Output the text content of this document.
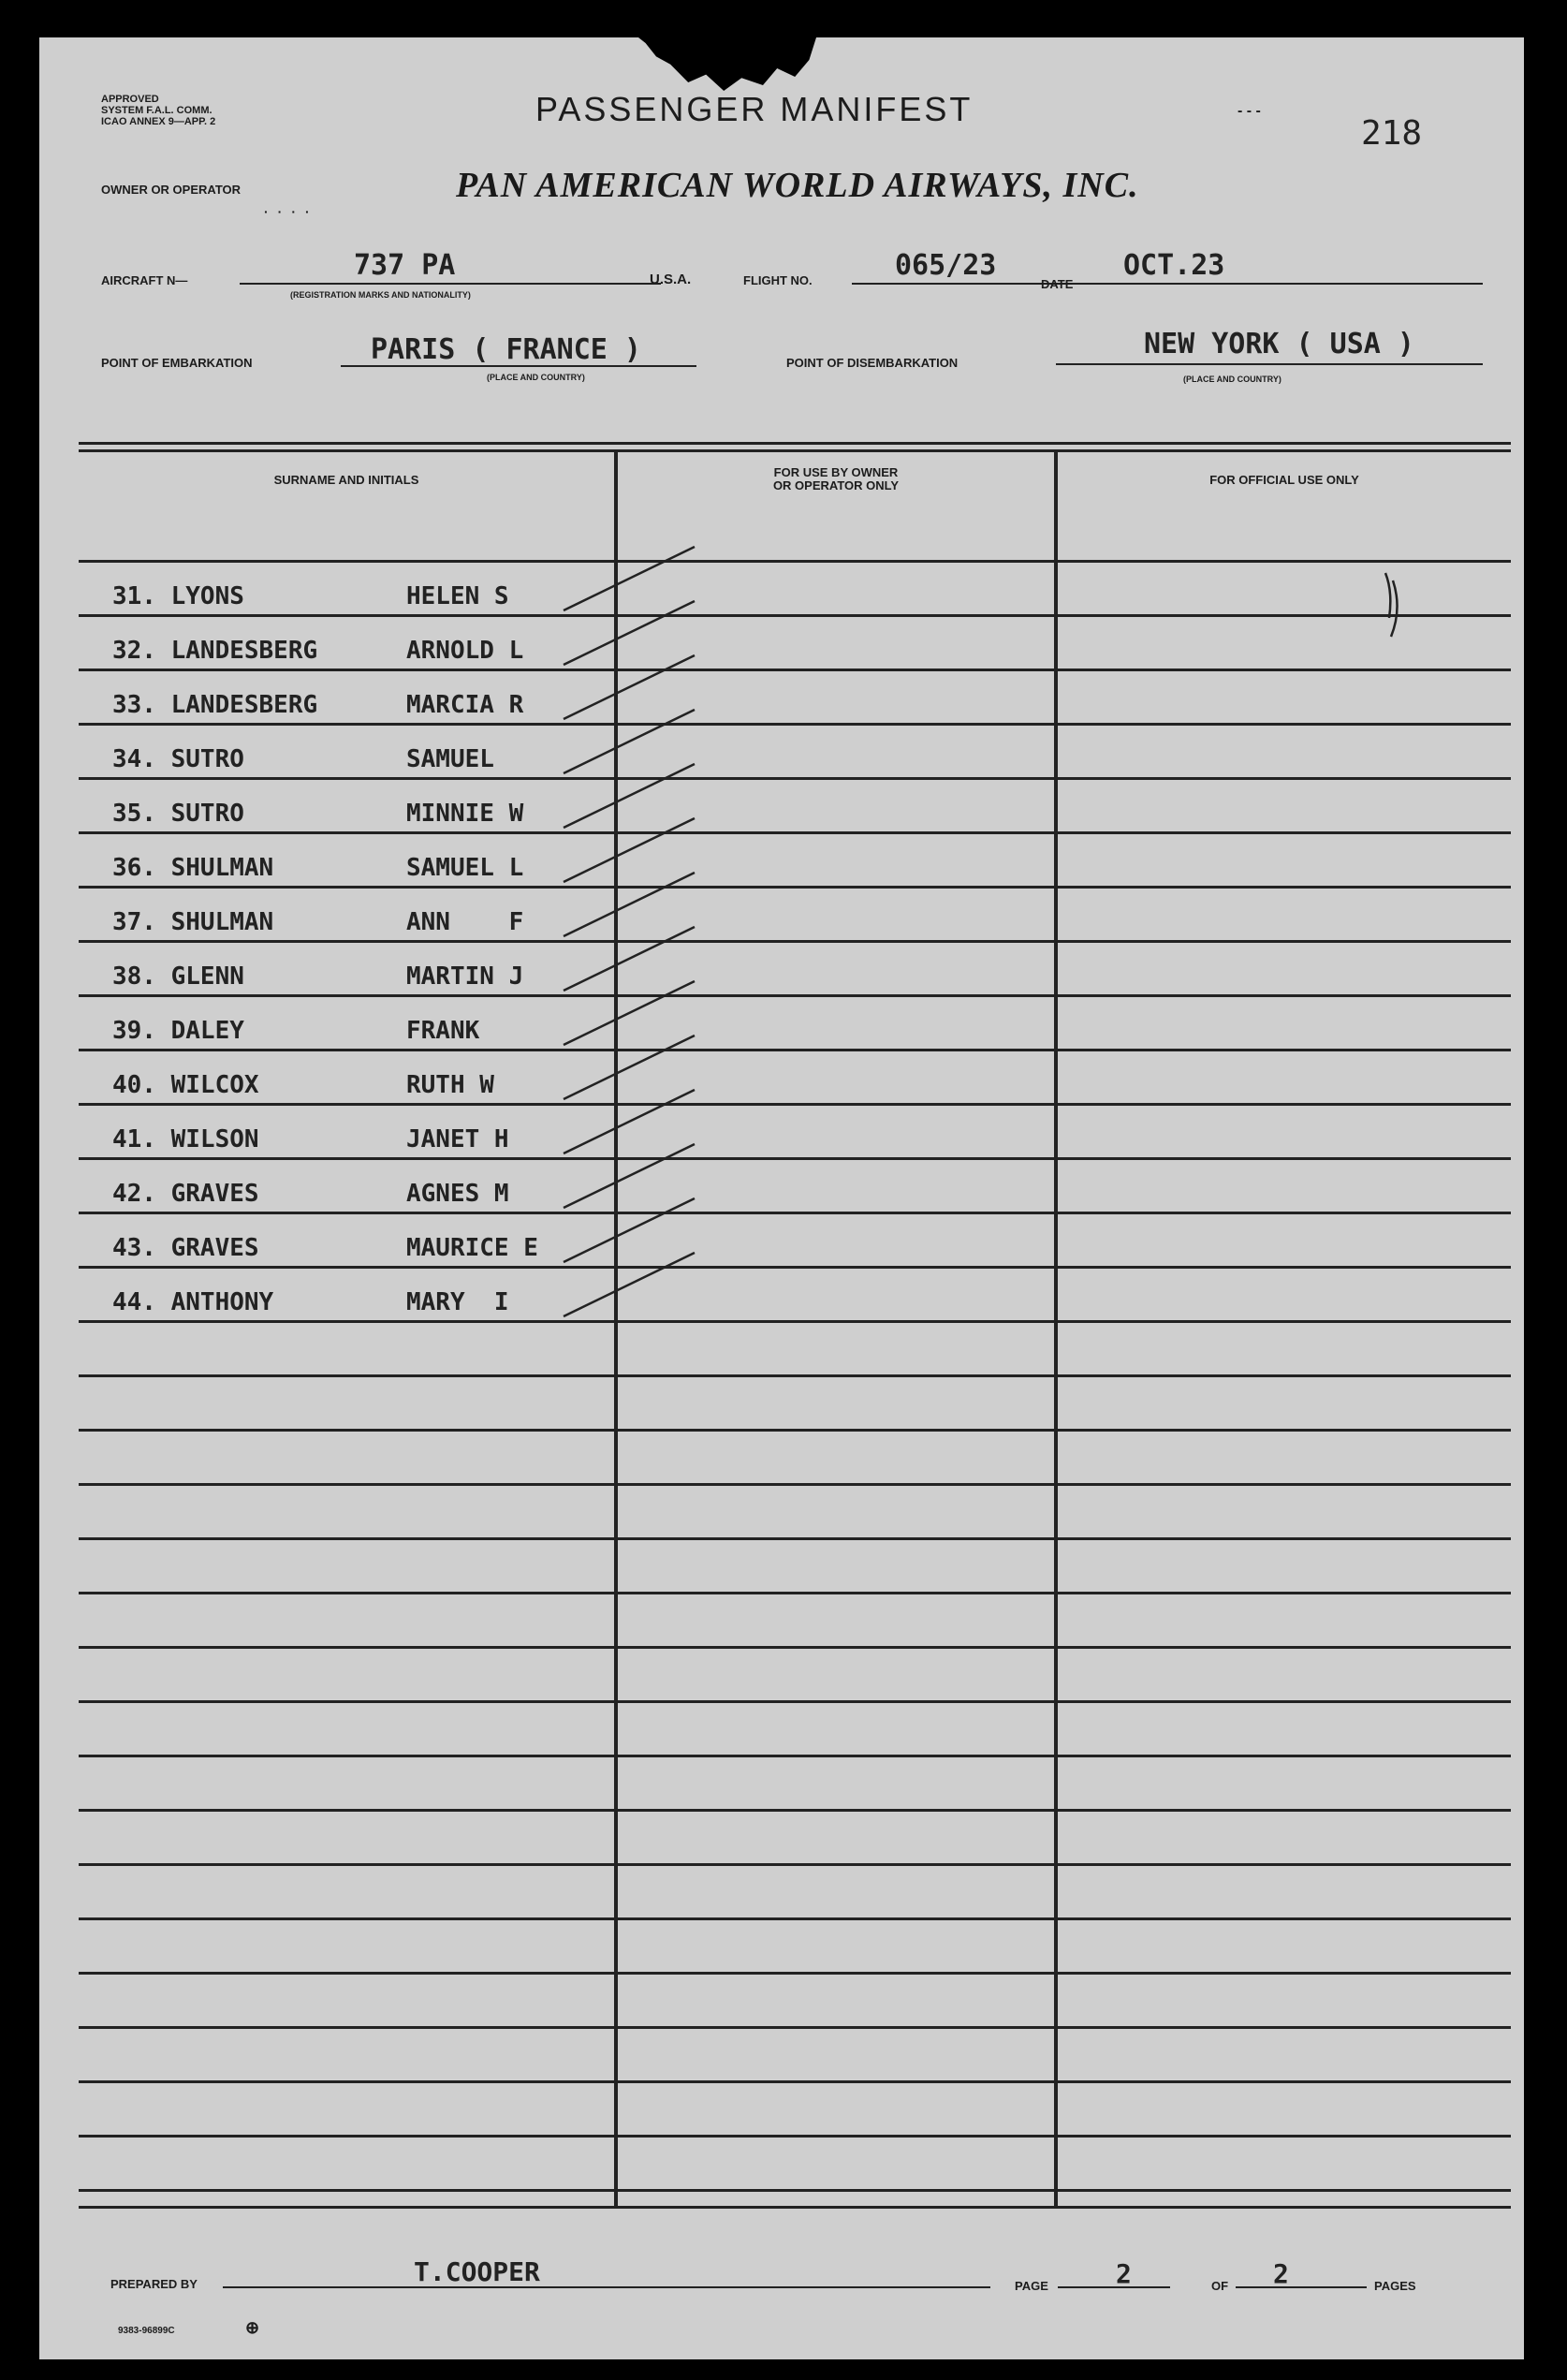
APPROVED
SYSTEM F.A.L. COMM.
ICAO ANNEX 9—APP. 2	PASSENGER MANIFEST	- - -
218
OWNER OR OPERATOR	PAN AMERICAN WORLD AIRWAYS, INC.
····
AIRCRAFT N—	737 PA
(REGISTRATION MARKS AND NATIONALITY)
U.S.A.	FLIGHT NO.	065/23
DATE
OCT.23
POINT OF EMBARKATION	PARIS ( FRANCE )
(PLACE AND COUNTRY)
POINT OF DISEMBARKATION
NEW YORK ( USA )
(PLACE AND COUNTRY)
SURNAME AND INITIALS
FOR USE BY OWNER
OR OPERATOR ONLY	FOR OFFICIAL USE ONLY
31. LYONS	HELEN S
32. LANDESBERG	ARNOLD L
33. LANDESBERG	MARCIA R
34. SUTRO	SAMUEL
35. SUTRO	MINNIE W
36. SHULMAN	SAMUEL L
37. SHULMAN	ANN    F
38. GLENN	MARTIN J
39. DALEY	FRANK
40. WILCOX	RUTH W
41. WILSON	JANET H
42. GRAVES	AGNES M
43. GRAVES	MAURICE E
44. ANTHONY	MARY  I
PREPARED BY	T.COOPER	PAGE	2	OF 2	PAGES
9383-96899C	⊕
